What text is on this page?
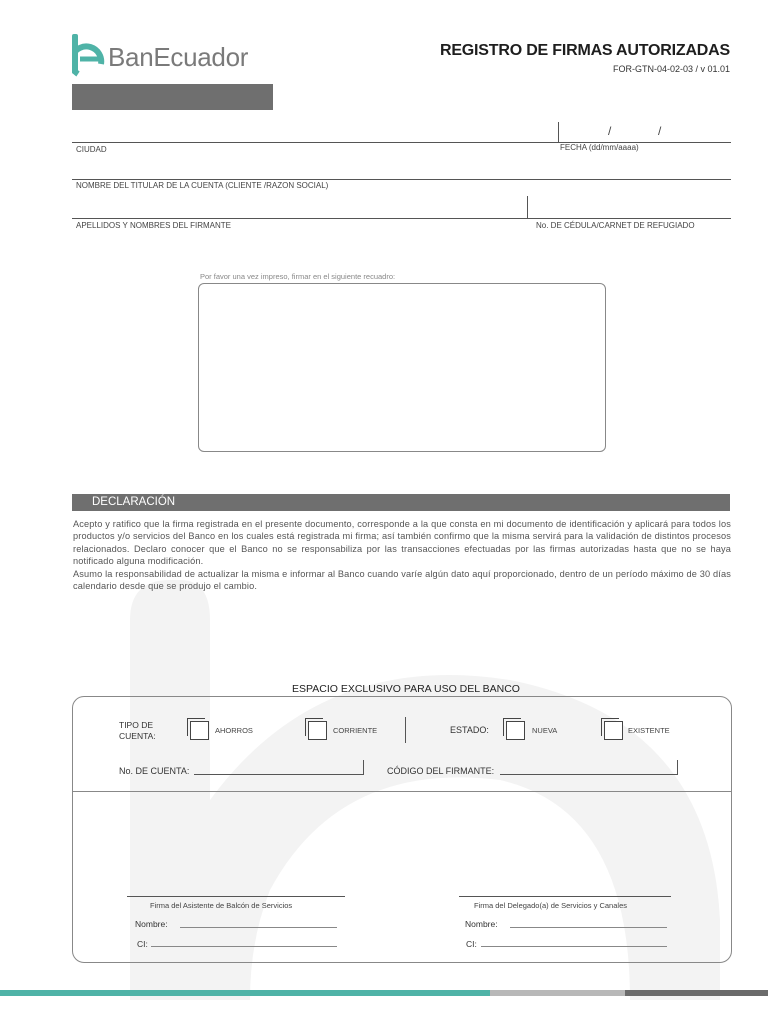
BanEcuador	REGISTRO DE FIRMAS AUTORIZADAS
FOR-GTN-04-02-03 / v 01.01
/	/
CIUDAD	FECHA (dd/mm/aaaa)
NOMBRE DEL TITULAR DE LA CUENTA (CLIENTE /RAZON SOCIAL)
APELLIDOS Y NOMBRES DEL FIRMANTE	No. DE CÉDULA/CARNET DE REFUGIADO
Por favor una vez impreso, firmar en el siguiente recuadro:
DECLARACIÓN
Acepto y ratifico que la firma registrada en el presente documento, corresponde a la que consta en mi documento de identificación y aplicará para todos los productos y/o servicios del Banco en los cuales está registrada mi firma; así también confirmo que la misma servirá para la validación de distintos procesos relacionados. Declaro conocer que el Banco no se responsabiliza por las transacciones efectuadas por las firmas autorizadas hasta que no se haya notificado alguna modificación.
Asumo la responsabilidad de actualizar la misma e informar al Banco cuando varíe algún dato aquí proporcionado, dentro de un período máximo de 30 días calendario desde que se produjo el cambio.
ESPACIO EXCLUSIVO PARA USO DEL BANCO
TIPO DE
CUENTA:
AHORROS	CORRIENTE	ESTADO:	NUEVA	EXISTENTE
No. DE CUENTA:	CÓDIGO DEL FIRMANTE:
Firma del Asistente de Balcón de Servicios
Nombre:
CI:
Firma del Delegado(a) de Servicios y Canales
Nombre:
CI:
